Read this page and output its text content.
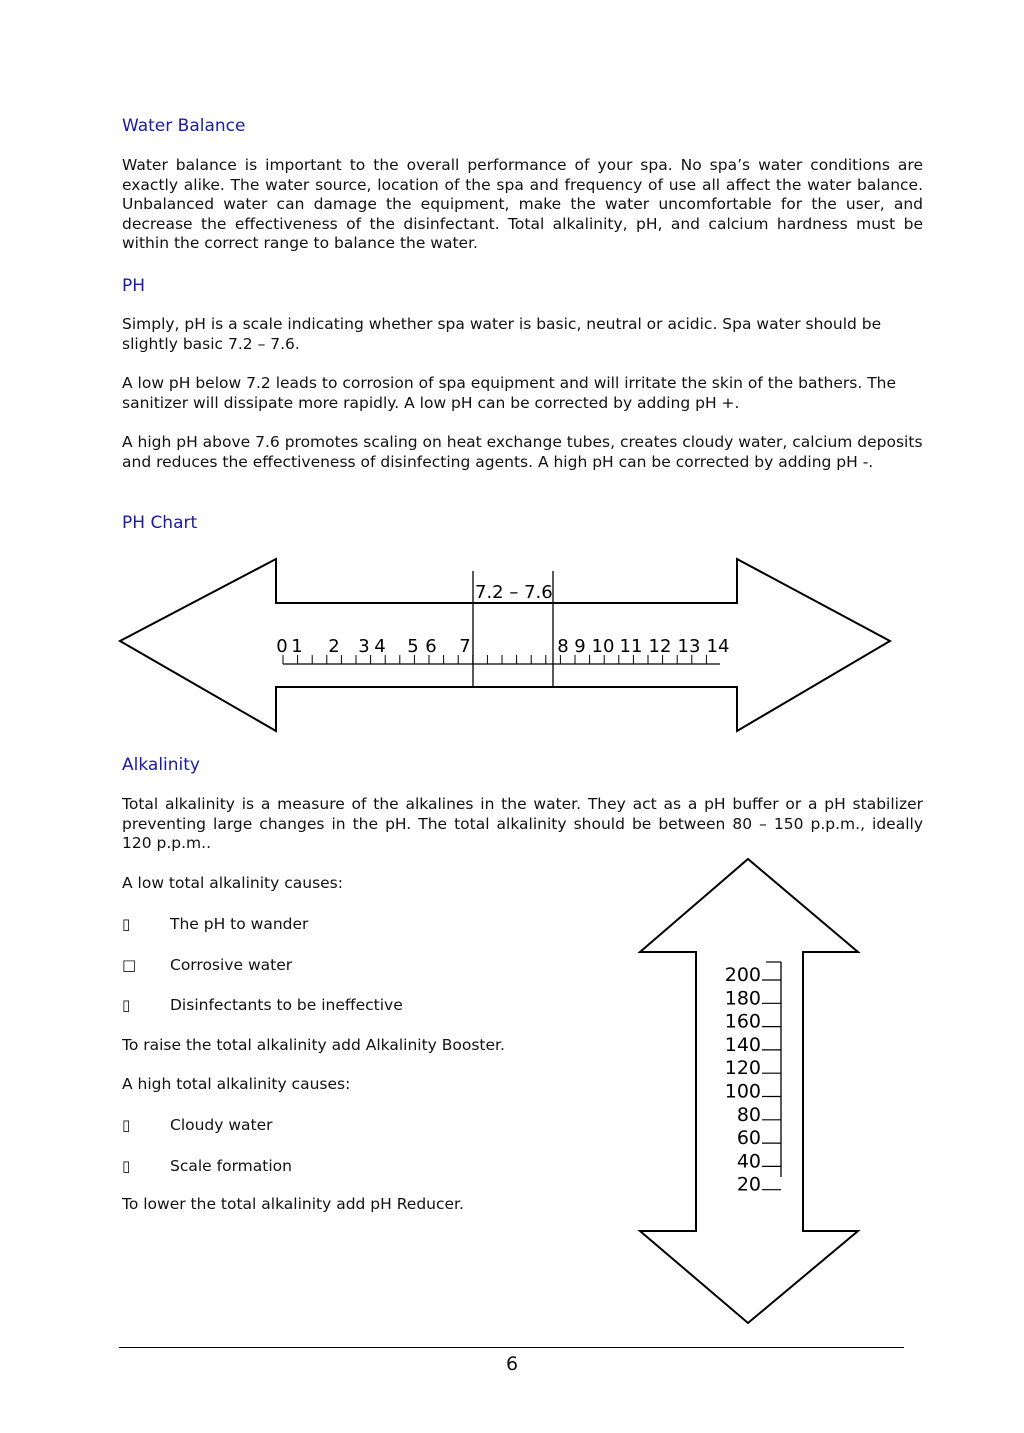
Water Balance
Water balance is important to the overall performance of your spa. No spa’s water conditions are exactly alike. The water source, location of the spa and frequency of use all affect the water balance. Unbalanced water can damage the equipment, make the water uncomfortable for the user, and decrease the effectiveness of the disinfectant. Total alkalinity, pH, and calcium hardness must be within the correct range to balance the water.
PH
Simply, pH is a scale indicating whether spa water is basic, neutral or acidic. Spa water should be slightly basic 7.2 – 7.6.
A low pH below 7.2 leads to corrosion of spa equipment and will irritate the skin of the bathers. The sanitizer will dissipate more rapidly. A low pH can be corrected by adding pH +.
A high pH above 7.6 promotes scaling on heat exchange tubes, creates cloudy water, calcium deposits and reduces the effectiveness of disinfecting agents. A high pH can be corrected by adding pH -.
PH Chart
7.2 – 7.6
0 1 2 3 4 5 6 7	8 9 10 11 12 13 14
200
180
160
140
120
100
80
60
40
20
Alkalinity
Total alkalinity is a measure of the alkalines in the water. They act as a pH buffer or a pH stabilizer preventing large changes in the pH. The total alkalinity should be between 80 – 150 p.p.m., ideally 120 p.p.m..
A low total alkalinity causes:
▯	The pH to wander
□ Corrosive water
▯	Disinfectants to be ineffective
To raise the total alkalinity add Alkalinity Booster.
A high total alkalinity causes:
▯	Cloudy water
▯	Scale formation
To lower the total alkalinity add pH Reducer.
6
